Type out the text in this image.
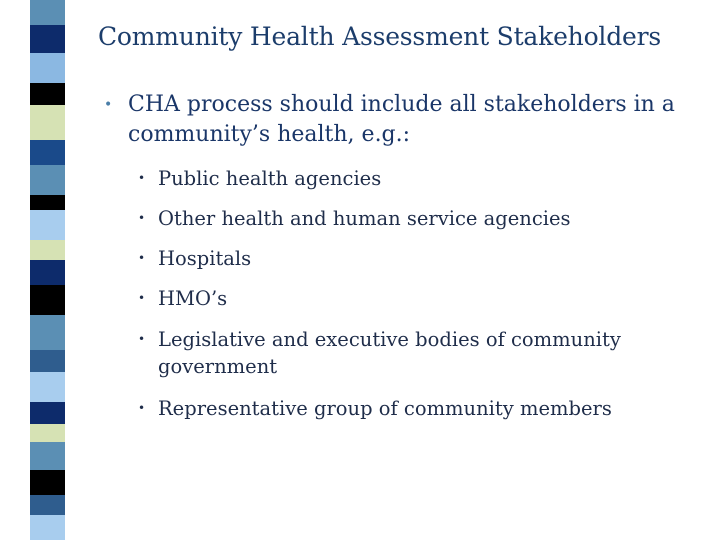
Community Health Assessment Stakeholders
• CHA process should include all stakeholders in a community’s health, e.g.:
• Public health agencies
• Other health and human service agencies
• Hospitals
• HMO’s
• Legislative and executive bodies of community government
• Representative group of community members
